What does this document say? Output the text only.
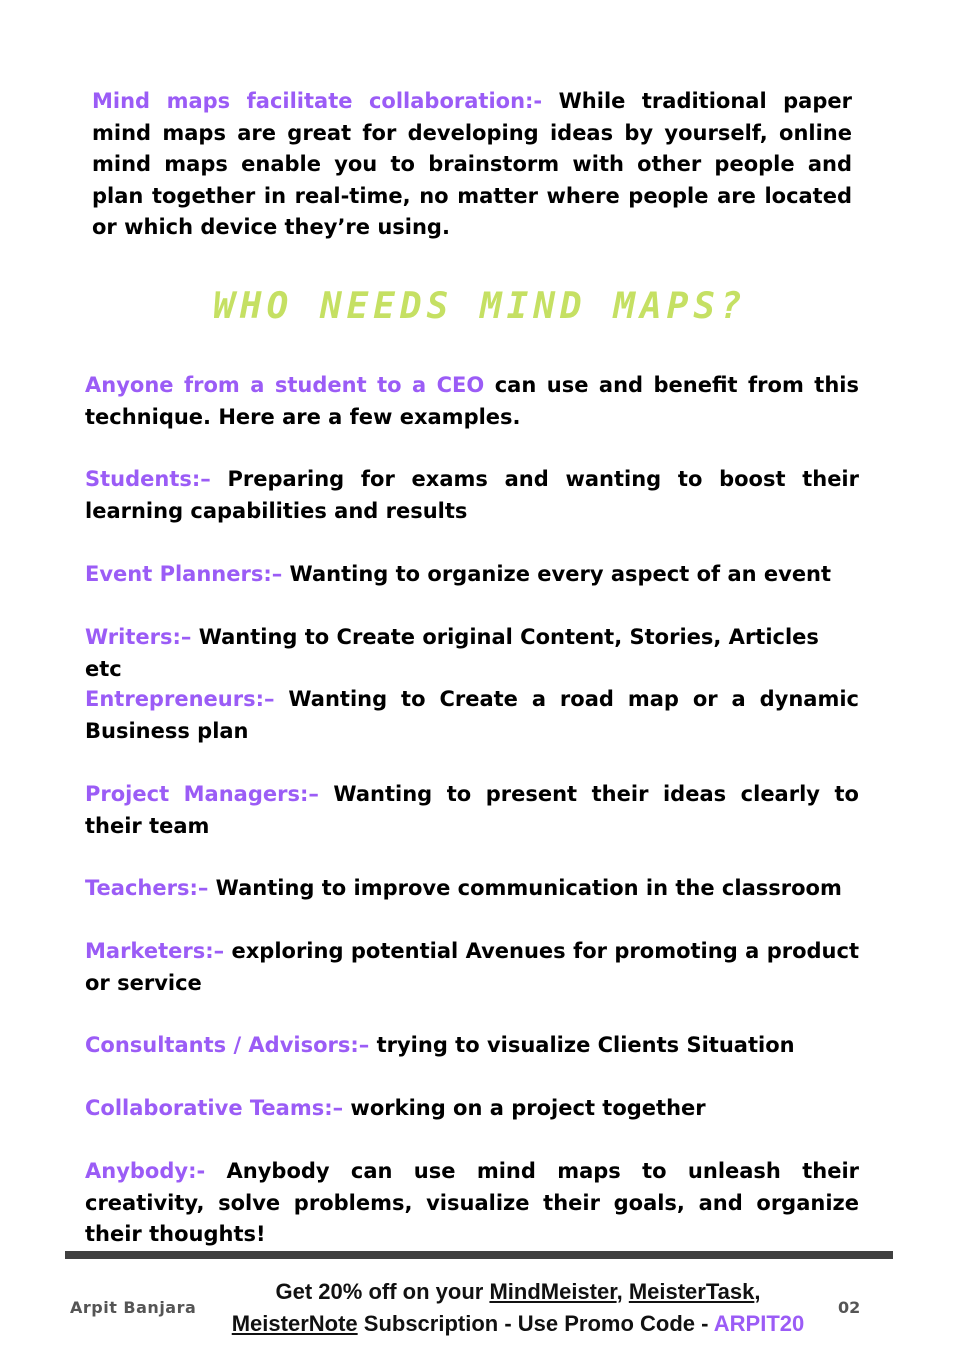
Mind maps facilitate collaboration:- While traditional paper mind maps are great for developing ideas by yourself, online mind maps enable you to brainstorm with other people and plan together in real-time, no matter where people are located or which device they’re using.

WHO NEEDS MIND MAPS?

Anyone from a student to a CEO can use and benefit from this technique. Here are a few examples.

Students:– Preparing for exams and wanting to boost their learning capabilities and results

Event Planners:– Wanting to organize every aspect of an event

Writers:– Wanting to Create original Content, Stories, Articles etc

Entrepreneurs:– Wanting to Create a road map or a dynamic Business plan

Project Managers:– Wanting to present their ideas clearly to their team

Teachers:– Wanting to improve communication in the classroom

Marketers:– exploring potential Avenues for promoting a product or service

Consultants / Advisors:– trying to visualize Clients Situation

Collaborative Teams:– working on a project together

Anybody:- Anybody can use mind maps to unleash their creativity, solve problems, visualize their goals, and organize their thoughts!

Arpit Banjara
Get 20% off on your MindMeister, MeisterTask,
MeisterNote Subscription - Use Promo Code - ARPIT20
02
